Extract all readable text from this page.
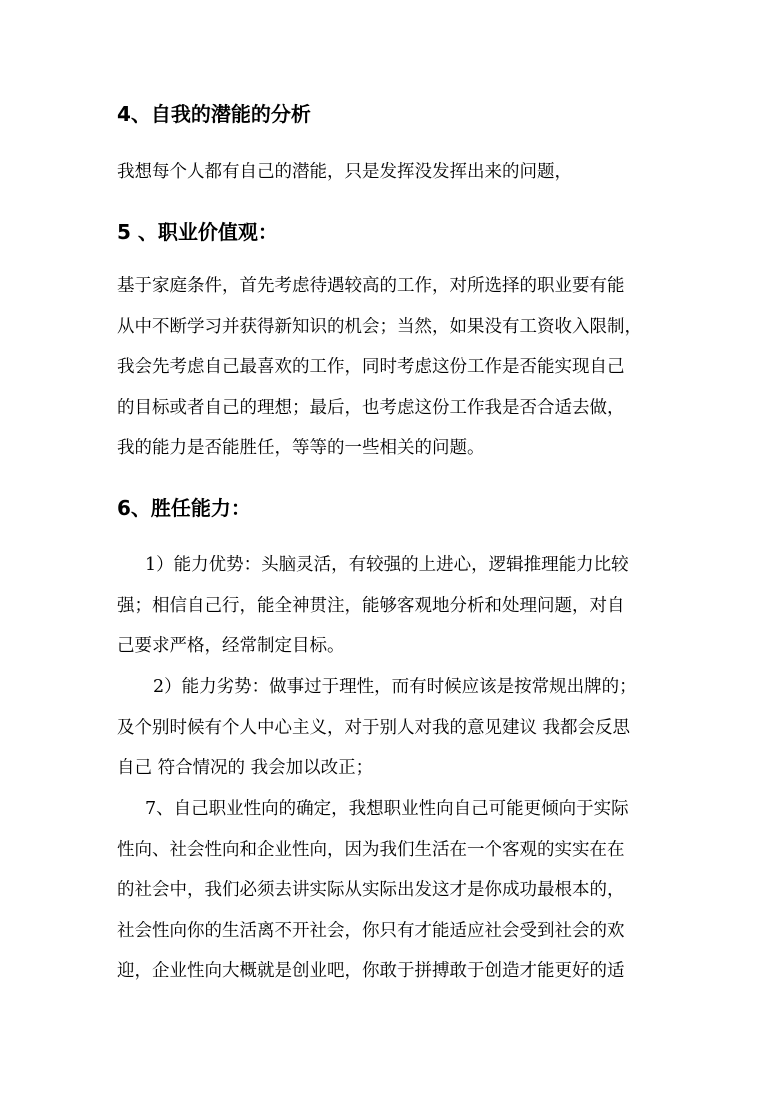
4、自我的潜能的分析
我想每个人都有自己的潜能，只是发挥没发挥出来的问题，
5 、职业价值观：
基于家庭条件，首先考虑待遇较高的工作，对所选择的职业要有能
从中不断学习并获得新知识的机会；当然，如果没有工资收入限制，
我会先考虑自己最喜欢的工作，同时考虑这份工作是否能实现自己
的目标或者自己的理想；最后，也考虑这份工作我是否合适去做，
我的能力是否能胜任，等等的一些相关的问题。
6、胜任能力：
1）能力优势：头脑灵活，有较强的上进心，逻辑推理能力比较
强；相信自己行，能全神贯注，能够客观地分析和处理问题，对自
己要求严格，经常制定目标。
2）能力劣势：做事过于理性，而有时候应该是按常规出牌的；
及个别时候有个人中心主义，对于别人对我的意见建议 我都会反思
自己 符合情况的 我会加以改正；
7、自己职业性向的确定，我想职业性向自己可能更倾向于实际
性向、社会性向和企业性向，因为我们生活在一个客观的实实在在
的社会中，我们必须去讲实际从实际出发这才是你成功最根本的，
社会性向你的生活离不开社会，你只有才能适应社会受到社会的欢
迎，企业性向大概就是创业吧，你敢于拼搏敢于创造才能更好的适
